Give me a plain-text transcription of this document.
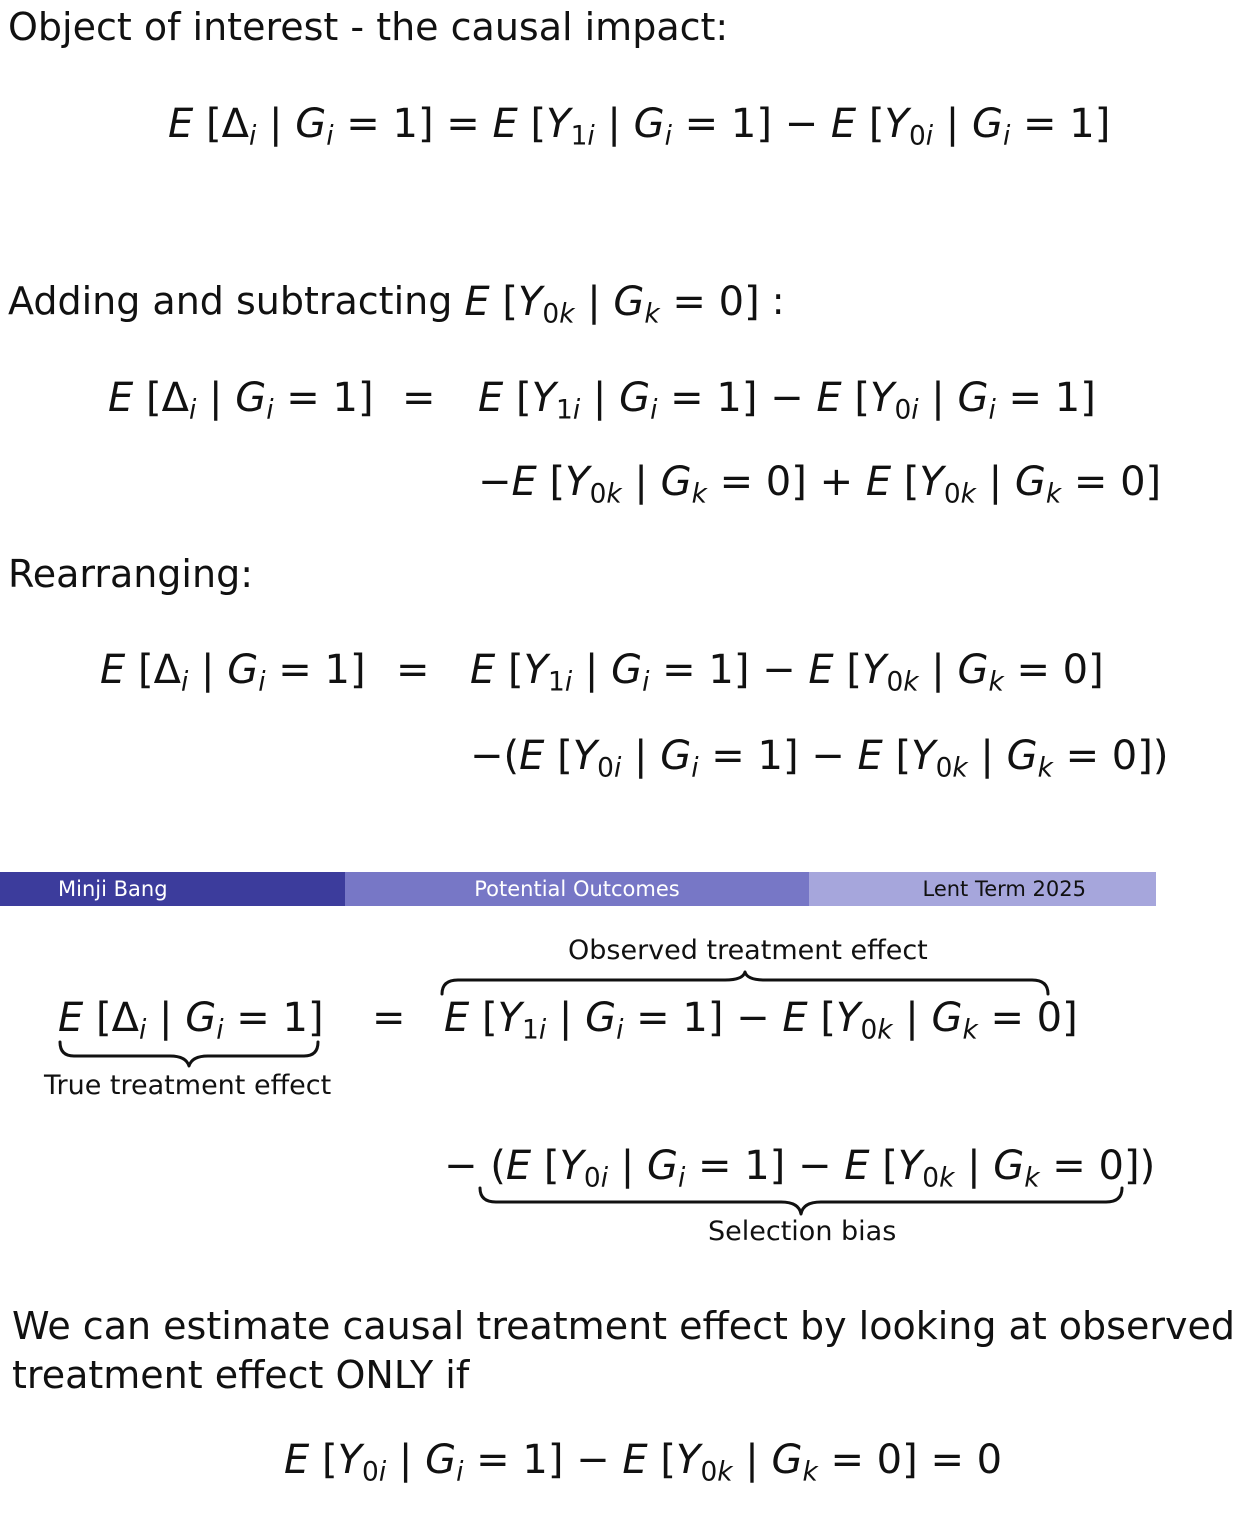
Object of interest - the causal impact:
E [$\Delta_i$ | $G_i = 1] = E$ [$Y_{1i}$ | $G_i = 1] - E$ [$Y_{0i}$ | $G_i = 1$]
Adding and subtracting E [$Y_{0k}$ | $G_k = 0$] :
E [$\Delta_i$ | $G_i = 1] = E$ [$Y_{1i}$ | $G_i = 1] - E$ [$Y_{0i}$ | $G_i = 1$]
−E [$Y_{0k}$ | $G_k = 0] + E$ [$Y_{0k}$ | $G_k = 0$]
Rearranging:
E [$\Delta_i$ | $G_i = 1] = E$ [$Y_{1i}$ | $G_i = 1] - E$ [$Y_{0k}$ | $G_k = 0$]
−(E [$Y_{0i}$ | $G_i = 1] - E$ [$Y_{0k}$ | $G_k = 0$])
Minji Bang	Potential Outcomes	Lent Term 2025
Observed treatment effect
E [$\Delta_i$ | $G_i = 1$]
True treatment effect
= E [$Y_{1i}$ | $G_i = 1] - E$ [$Y_{0k}$ | $G_k = 0$]
− (E [$Y_{0i}$ | $G_i = 1] - E$ [$Y_{0k}$ | $G_k = 0$])
Selection bias
We can estimate causal treatment effect by looking at observed
treatment effect ONLY if
E [$Y_{0i}$ | $G_i = 1] - E$ [$Y_{0k}$ | $G_k = 0] = 0$
